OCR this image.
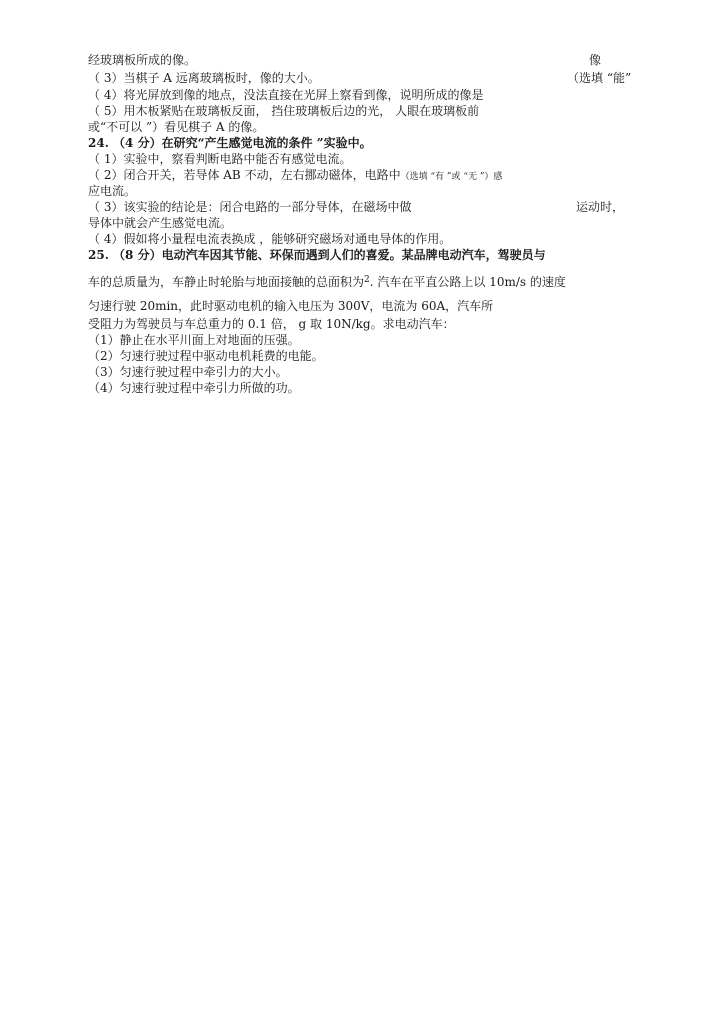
经玻璃板所成的像。	像
（ 3）当棋子 A 远离玻璃板时，像的大小。	（选填 “能”
（ 4）将光屏放到像的地点，没法直接在光屏上察看到像，说明所成的像是
（ 5）用木板紧贴在玻璃板反面， 挡住玻璃板后边的光， 人眼在玻璃板前
或“不可以 ”）看见棋子 A 的像。
24. （4 分）在研究“产生感觉电流的条件 ”实验中。
（ 1）实验中，察看判断电路中能否有感觉电流。
（ 2）闭合开关，若导体 AB 不动，左右挪动磁体，电路中（选填 “有 ”或 “无 ”）感
应电流。
（ 3）该实验的结论是：闭合电路的一部分导体，在磁场中做	运动时，
导体中就会产生感觉电流。
（ 4）假如将小量程电流表换成 ，能够研究磁场对通电导体的作用。
25. （8 分）电动汽车因其节能、环保而遇到人们的喜爱。某品牌电动汽车，驾驶员与
车的总质量为，车静止时轮胎与地面接触的总面积为$^2$. 汽车在平直公路上以 10m/s 的速度
匀速行驶 20min，此时驱动电机的输入电压为 300V，电流为 60A，汽车所
受阻力为驾驶员与车总重力的 0.1 倍， g 取 10N/kg。求电动汽车：
（1）静止在水平川面上对地面的压强。
（2）匀速行驶过程中驱动电机耗费的电能。
（3）匀速行驶过程中牵引力的大小。
（4）匀速行驶过程中牵引力所做的功。
